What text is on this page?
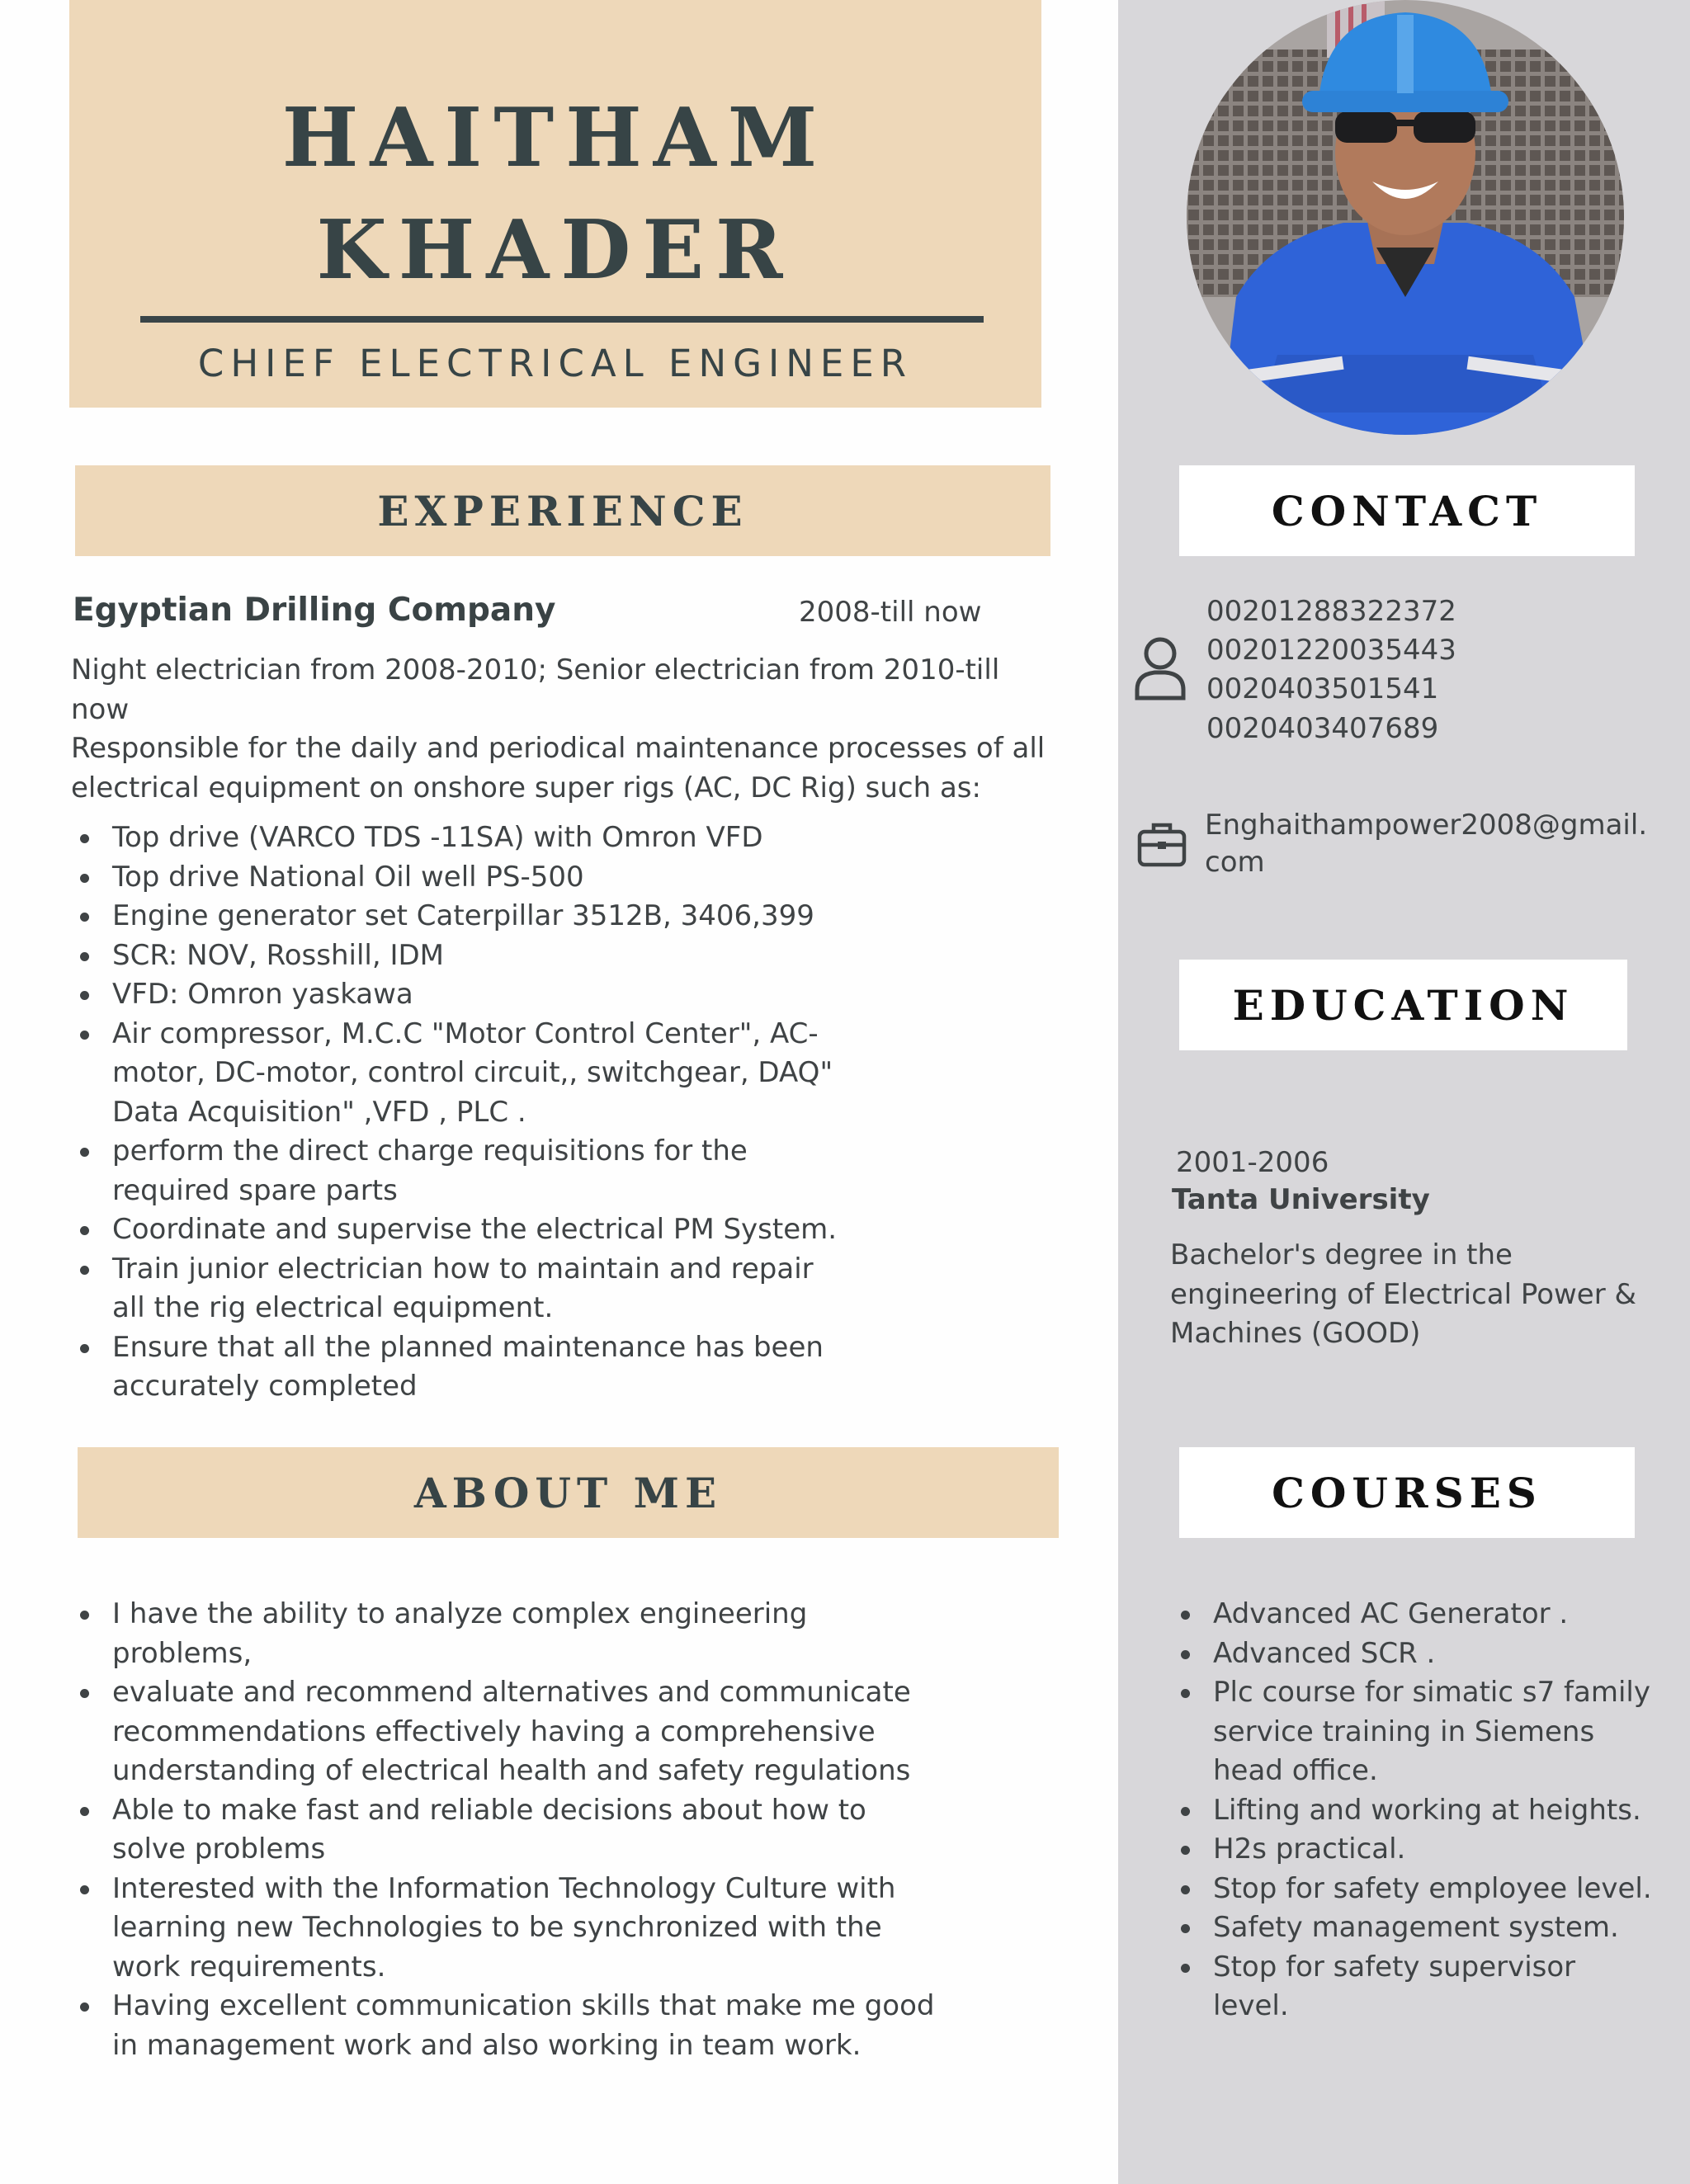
HAITHAM
KHADER
CHIEF ELECTRICAL ENGINEER
EXPERIENCE
Egyptian Drilling Company	2008-till now
Night electrician from 2008-2010; Senior electrician from 2010-till now
Responsible for the daily and periodical maintenance processes of all electrical equipment on onshore super rigs (AC, DC Rig) such as:
Top drive (VARCO TDS -11SA) with Omron VFD
Top drive National Oil well PS-500
Engine generator set Caterpillar 3512B, 3406,399
SCR: NOV, Rosshill, IDM
VFD: Omron yaskawa
Air compressor, M.C.C "Motor Control Center", AC-motor, DC-motor, control circuit,, switchgear, DAQ" Data Acquisition" ,VFD , PLC .
perform the direct charge requisitions for the required spare parts
Coordinate and supervise the electrical PM System.
Train junior electrician how to maintain and repair all the rig electrical equipment.
Ensure that all the planned maintenance has been accurately completed
ABOUT ME
I have the ability to analyze complex engineering problems,
evaluate and recommend alternatives and communicate recommendations effectively having a comprehensive understanding of electrical health and safety regulations
Able to make fast and reliable decisions about how to solve problems
Interested with the Information Technology Culture with learning new Technologies to be synchronized with the work requirements.
Having excellent communication skills that make me good in management work and also working in team work.
CONTACT
00201288322372
00201220035443
0020403501541
0020403407689
Enghaithampower2008@gmail.
com
EDUCATION
2001-2006
Tanta University
Bachelor's degree in the engineering of Electrical Power & Machines (GOOD)
COURSES
Advanced AC Generator .
Advanced SCR .
Plc course for simatic s7 family service training in Siemens head office.
Lifting and working at heights.
H2s practical.
Stop for safety employee level.
Safety management system.
Stop for safety supervisor level.
